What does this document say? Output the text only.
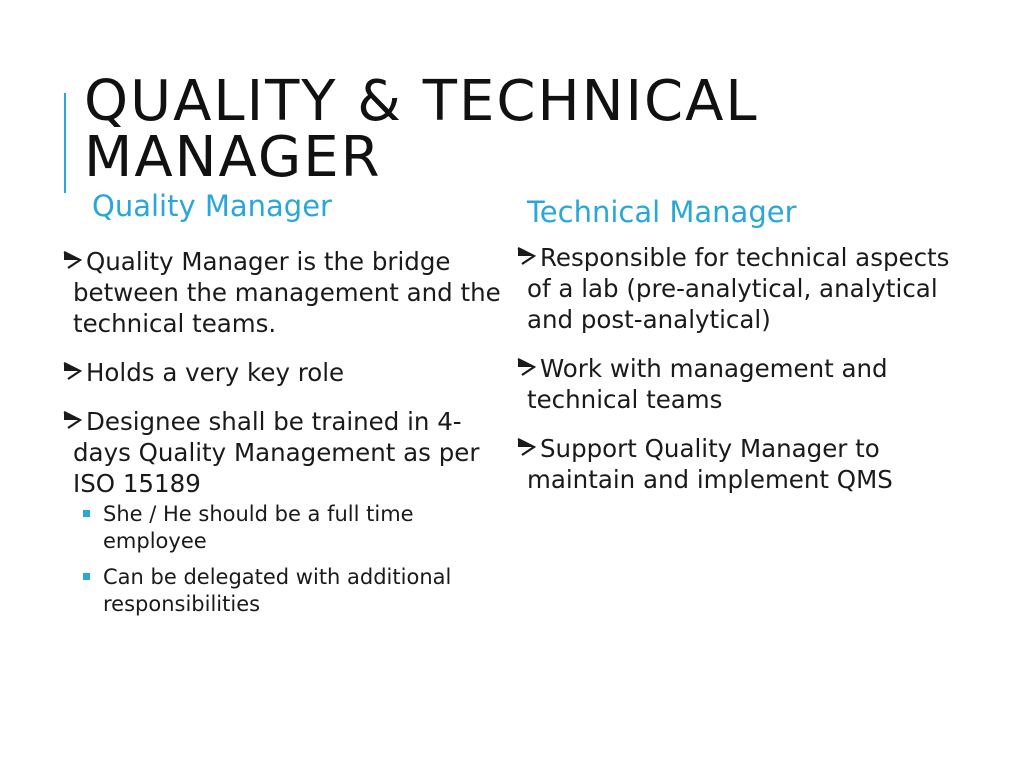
QUALITY & TECHNICAL MANAGER
Quality Manager	Technical Manager
Quality Manager is the bridge between the management and the technical teams.
Holds a very key role
Designee shall be trained in 4-days Quality Management as per ISO 15189
She / He should be a full time employee
Can be delegated with additional responsibilities
Responsible for technical aspects of a lab (pre-analytical, analytical and post-analytical)
Work with management and technical teams
Support Quality Manager to maintain and implement QMS
